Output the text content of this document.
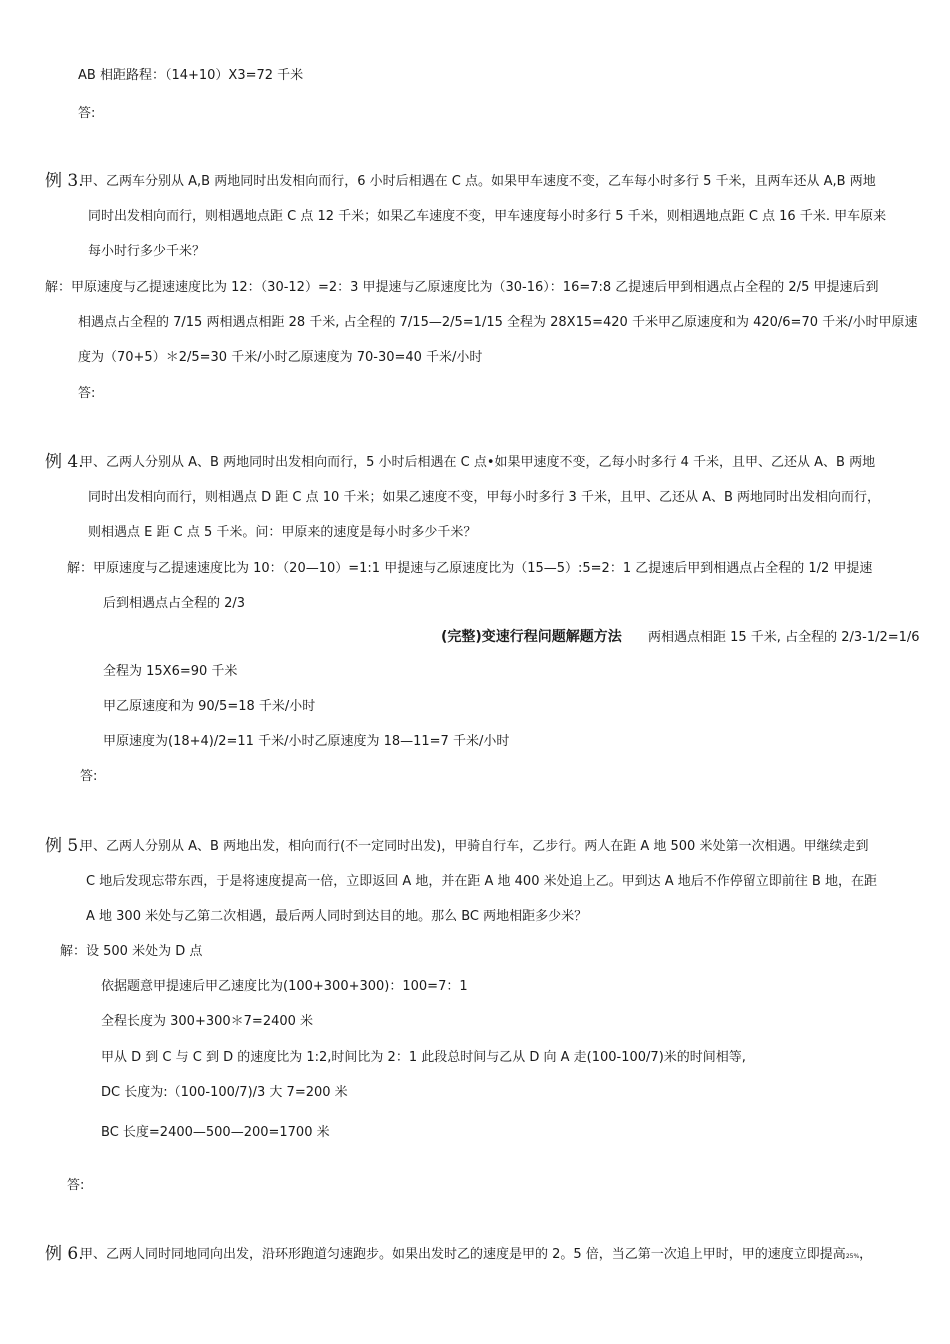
AB 相距路程：（14+10）X3=72 千米
答:
例 3.
甲、乙两车分别从 A,B 两地同时出发相向而行，6 小时后相遇在 C 点。如果甲车速度不变，乙车每小时多行 5 千米，且两车还从 A,B 两地
同时出发相向而行，则相遇地点距 C 点 12 千米；如果乙车速度不变，甲车速度每小时多行 5 千米，则相遇地点距 C 点 16 千米. 甲车原来
每小时行多少千米？
解：甲原速度与乙提速速度比为 12：（30-12）=2：3 甲提速与乙原速度比为（30-16）：16=7:8 乙提速后甲到相遇点占全程的 2/5 甲提速后到
相遇点占全程的 7/15 两相遇点相距 28 千米, 占全程的 7/15—2/5=1/15 全程为 28X15=420 千米甲乙原速度和为 420/6=70 千米/小时甲原速
度为（70+5）＊2/5=30 千米/小时乙原速度为 70-30=40 千米/小时
答:
例 4.
甲、乙两人分别从 A、B 两地同时出发相向而行，5 小时后相遇在 C 点•如果甲速度不变，乙每小时多行 4 千米，且甲、乙还从 A、B 两地
同时出发相向而行，则相遇点 D 距 C 点 10 千米；如果乙速度不变，甲每小时多行 3 千米，且甲、乙还从 A、B 两地同时出发相向而行，
则相遇点 E 距 C 点 5 千米。问：甲原来的速度是每小时多少千米？
解：甲原速度与乙提速速度比为 10：（20—10）=1:1 甲提速与乙原速度比为（15—5）:5=2：1 乙提速后甲到相遇点占全程的 1/2 甲提速
后到相遇点占全程的 2/3
(完整)变速行程问题解题方法 两相遇点相距 15 千米, 占全程的 2/3-1/2=1/6
全程为 15X6=90 千米
甲乙原速度和为 90/5=18 千米/小时
甲原速度为(18+4)/2=11 千米/小时乙原速度为 18—11=7 千米/小时
答:
例 5.
甲、乙两人分别从 A、B 两地出发，相向而行(不一定同时出发)，甲骑自行车，乙步行。两人在距 A 地 500 米处第一次相遇。甲继续走到
C 地后发现忘带东西，于是将速度提高一倍，立即返回 A 地，并在距 A 地 400 米处追上乙。甲到达 A 地后不作停留立即前往 B 地，在距
A 地 300 米处与乙第二次相遇，最后两人同时到达目的地。那么 BC 两地相距多少米？
解：设 500 米处为 D 点
依据题意甲提速后甲乙速度比为(100+300+300)：100=7：1
全程长度为 300+300＊7=2400 米
甲从 D 到 C 与 C 到 D 的速度比为 1:2,时间比为 2：1 此段总时间与乙从 D 向 A 走(100-100/7)米的时间相等,
DC 长度为:（100-100/7)/3 大 7=200 米
BC 长度=2400—500—200=1700 米
答:
例 6.
甲、乙两人同时同地同向出发，沿环形跑道匀速跑步。如果出发时乙的速度是甲的 2。5 倍，当乙第一次追上甲时，甲的速度立即提高25%，
